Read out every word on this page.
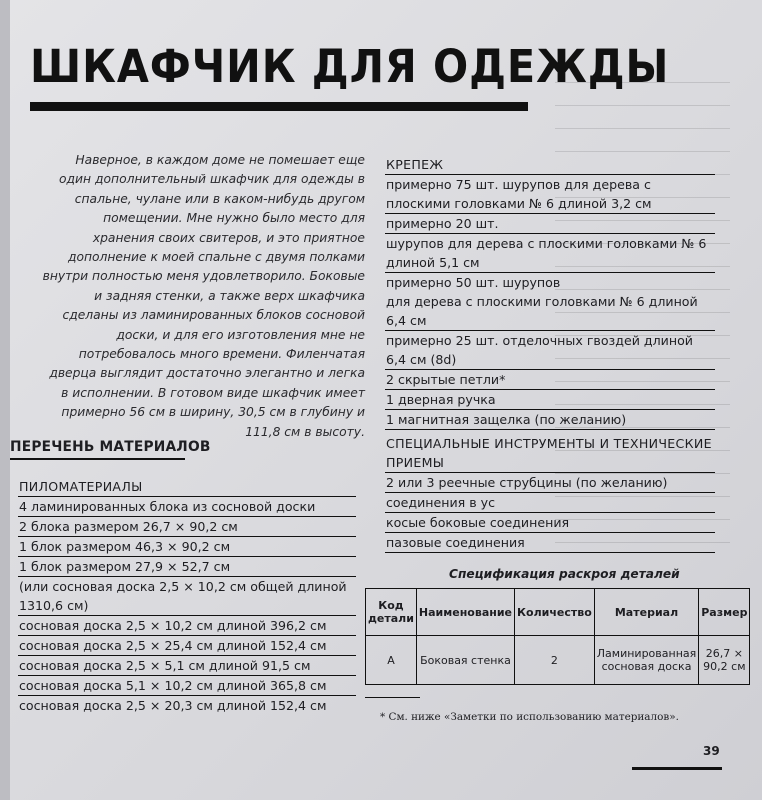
ШКАФЧИК ДЛЯ ОДЕЖДЫ
Наверное, в каждом доме не помешает еще один дополнительный шкафчик для одежды в спальне, чулане или в каком-нибудь другом помещении. Мне нужно было место для хранения своих свитеров, и это приятное дополнение к моей спальне с двумя полками внутри полностью меня удовлетворило. Боковые и задняя стенки, а также верх шкафчика сделаны из ламинированных блоков сосновой доски, и для его изготовления мне не потребовалось много времени. Филенчатая дверца выглядит достаточно элегантно и легка в исполнении. В готовом виде шкафчик имеет примерно 56 см в ширину, 30,5 см в глубину и 111,8 см в высоту.
ПЕРЕЧЕНЬ МАТЕРИАЛОВ
ПИЛОМАТЕРИАЛЫ
4 ламинированных блока из сосновой доски
2 блока размером 26,7 × 90,2 см
1 блок размером 46,3 × 90,2 см
1 блок размером 27,9 × 52,7 см
(или сосновая доска 2,5 × 10,2 см общей длиной 1310,6 см)
сосновая доска 2,5 × 10,2 см длиной 396,2 см
сосновая доска 2,5 × 25,4 см длиной 152,4 см
сосновая доска 2,5 × 5,1 см длиной 91,5 см
сосновая доска 5,1 × 10,2 см длиной 365,8 см
сосновая доска 2,5 × 20,3 см длиной 152,4 см
КРЕПЕЖ
примерно 75 шт. шурупов для дерева с плоскими головками № 6 длиной 3,2 см
примерно 20 шт.
шурупов для дерева с плоскими головками № 6 длиной 5,1 см
примерно 50 шт. шурупов
для дерева с плоскими головками № 6 длиной 6,4 см
примерно 25 шт. отделочных гвоздей длиной 6,4 см (8d)
2 скрытые петли*
1 дверная ручка
1 магнитная защелка (по желанию)
СПЕЦИАЛЬНЫЕ ИНСТРУМЕНТЫ И ТЕХНИЧЕСКИЕ ПРИЕМЫ
2 или 3 реечные струбцины (по желанию)
соединения в ус
косые боковые соединения
пазовые соединения
Спецификация раскроя деталей
Код детали	Наименование	Количество	Материал	Размер
А	Боковая стенка	2	Ламинированная сосновая доска	26,7 × 90,2 см
* См. ниже «Заметки по использованию материалов».
39
